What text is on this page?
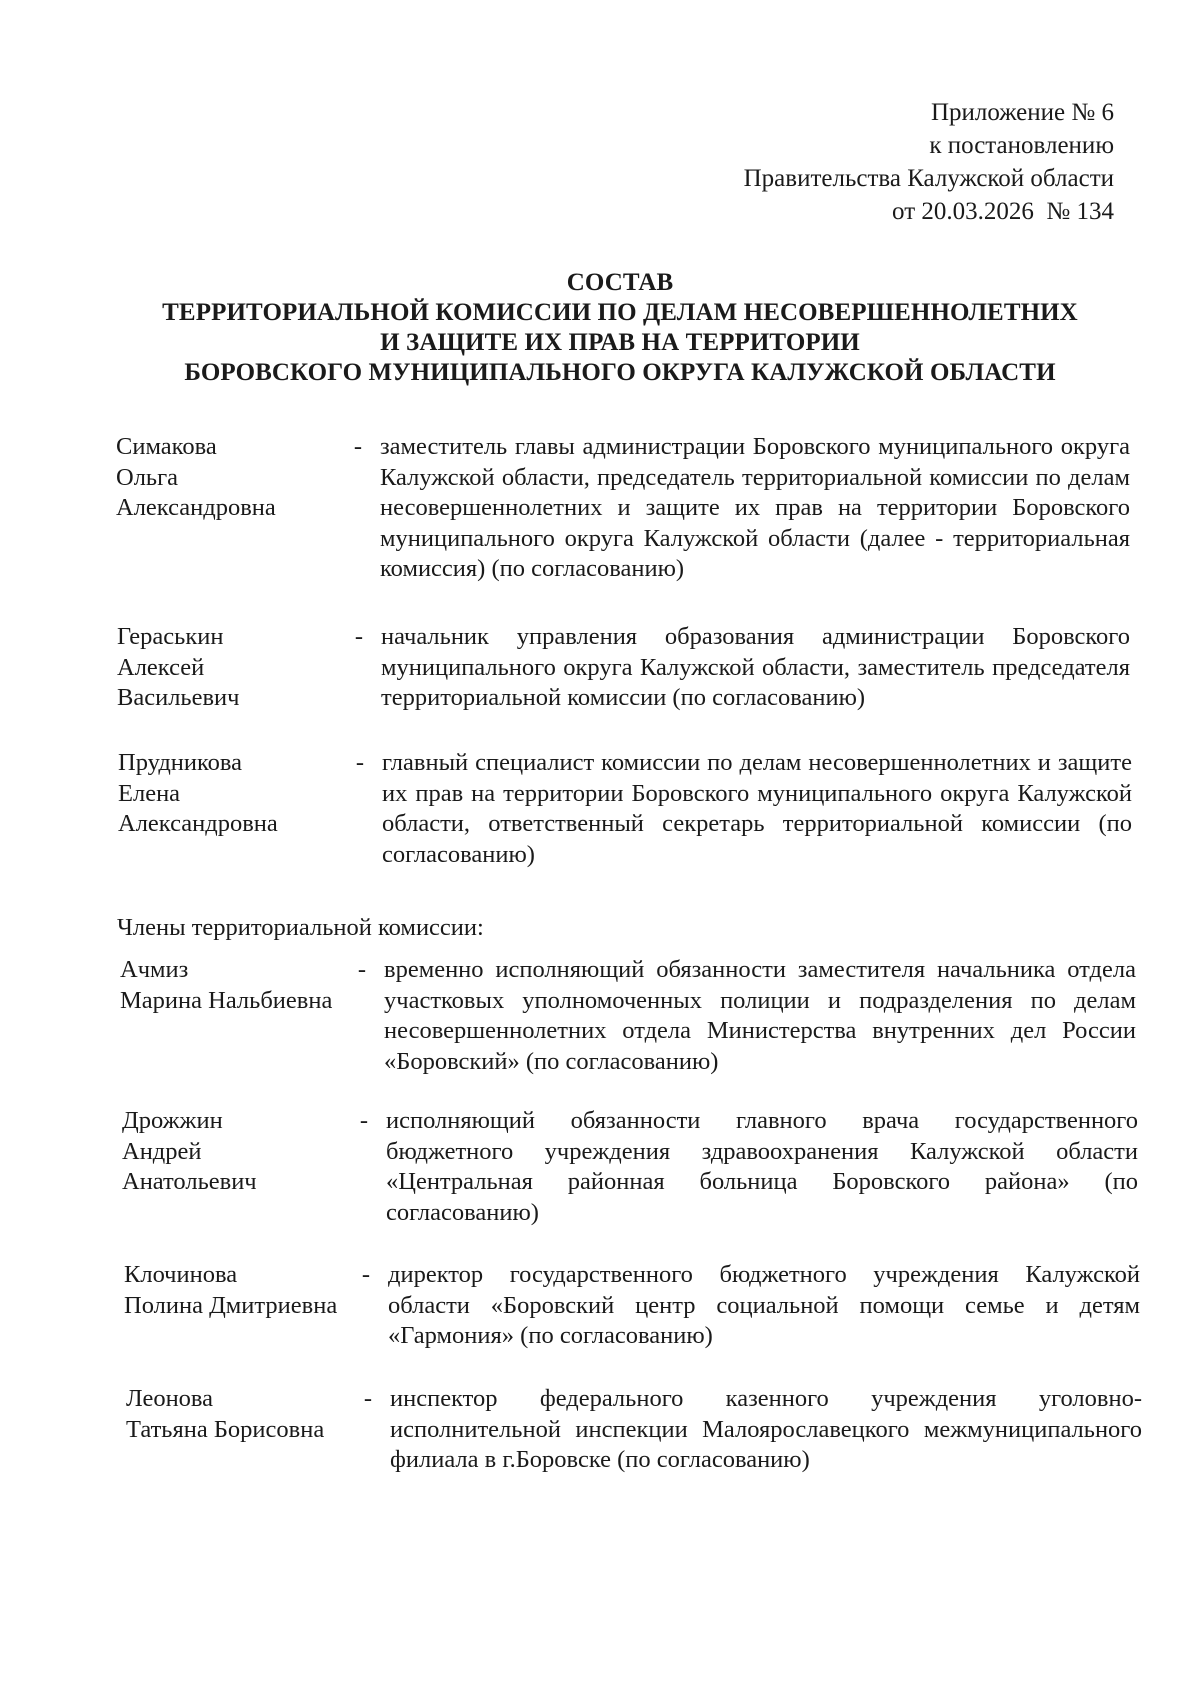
Приложение № 6
к постановлению
Правительства Калужской области
от 20.03.2026  № 134
СОСТАВ
ТЕРРИТОРИАЛЬНОЙ КОМИССИИ ПО ДЕЛАМ НЕСОВЕРШЕННОЛЕТНИХ
И ЗАЩИТЕ ИХ ПРАВ НА ТЕРРИТОРИИ
БОРОВСКОГО МУНИЦИПАЛЬНОГО ОКРУГА КАЛУЖСКОЙ ОБЛАСТИ
Симакова
Ольга
Александровна
- заместитель главы администрации Боровского муниципального округа Калужской области, председатель территориальной комиссии по делам несовершеннолетних и защите их прав на территории Боровского муниципального округа Калужской области (далее - территориальная комиссия) (по согласованию)
Гераськин
Алексей
Васильевич
- начальник управления образования администрации Боровского муниципального округа Калужской области, заместитель председателя территориальной комиссии (по согласованию)
Прудникова
Елена
Александровна
- главный специалист комиссии по делам несовершеннолетних и защите их прав на территории Боровского муниципального округа Калужской области, ответственный секретарь территориальной комиссии (по согласованию)
Члены территориальной комиссии:
Ачмиз
Марина Нальбиевна
- временно исполняющий обязанности заместителя начальника отдела участковых уполномоченных полиции и подразделения по делам несовершеннолетних отдела Министерства внутренних дел России «Боровский» (по согласованию)
Дрожжин
Андрей
Анатольевич
- исполняющий обязанности главного врача государственного бюджетного учреждения здравоохранения Калужской области «Центральная районная больница Боровского района» (по согласованию)
Клочинова
Полина Дмитриевна
- директор государственного бюджетного учреждения Калужской области «Боровский центр социальной помощи семье и детям «Гармония» (по согласованию)
Леонова
Татьяна Борисовна
- инспектор федерального казенного учреждения уголовно-исполнительной инспекции Малоярославецкого межмуниципального филиала в г.Боровске (по согласованию)
